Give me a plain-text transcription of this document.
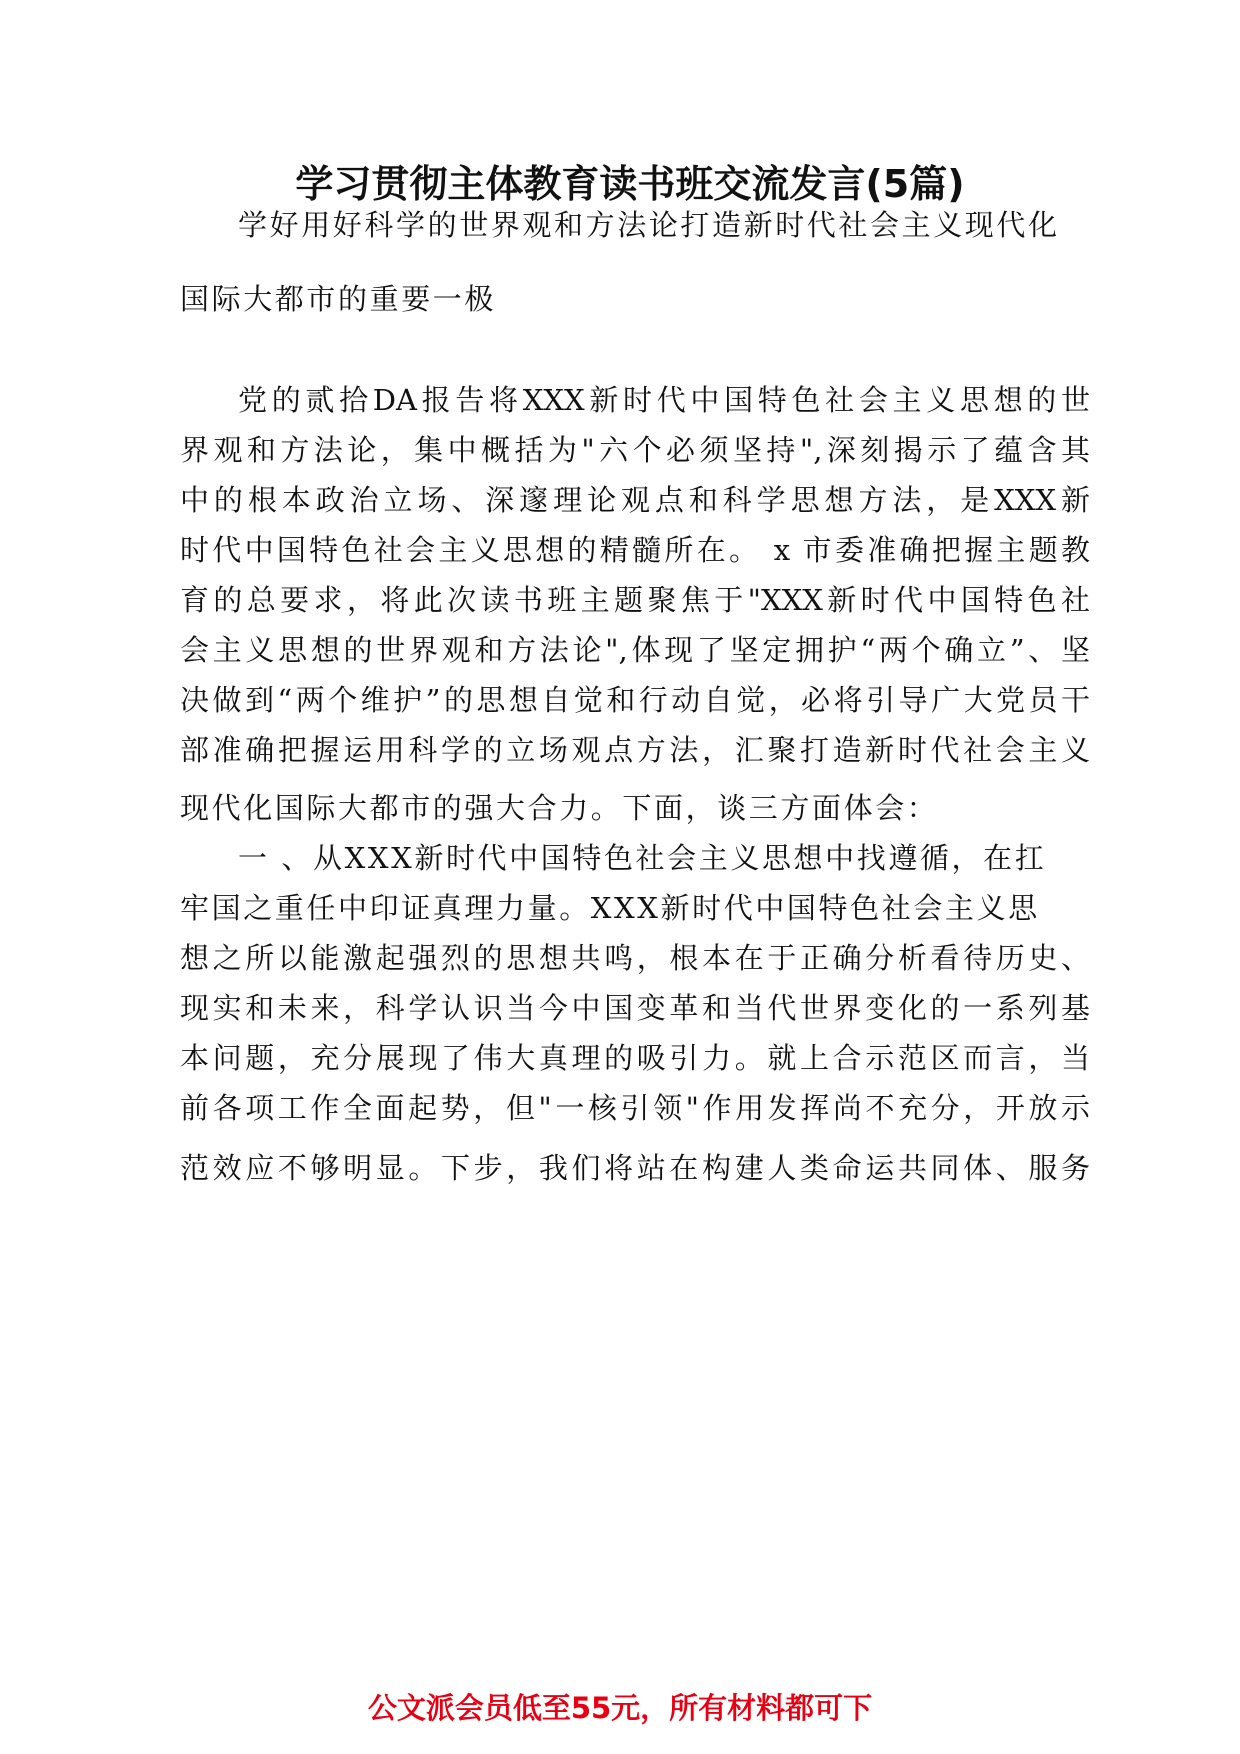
学习贯彻主体教育读书班交流发言(5篇)
学好用好科学的世界观和方法论打造新时代社会主义现代化
国际大都市的重要一极
党的贰拾DA报告将XXX新时代中国特色社会主义思想的世
界观和方法论，集中概括为"六个必须坚持",深刻揭示了蕴含其
中的根本政治立场、深邃理论观点和科学思想方法，是XXX新
时代中国特色社会主义思想的精髓所在。 x 市委准确把握主题教
育的总要求，将此次读书班主题聚焦于"XXX新时代中国特色社
会主义思想的世界观和方法论",体现了坚定拥护“两个确立”、坚
决做到“两个维护”的思想自觉和行动自觉，必将引导广大党员干
部准确把握运用科学的立场观点方法，汇聚打造新时代社会主义
现代化国际大都市的强大合力。下面，谈三方面体会：
一 、从XXX新时代中国特色社会主义思想中找遵循，在扛
牢国之重任中印证真理力量。XXX新时代中国特色社会主义思
想之所以能激起强烈的思想共鸣，根本在于正确分析看待历史、
现实和未来，科学认识当今中国变革和当代世界变化的一系列基
本问题，充分展现了伟大真理的吸引力。就上合示范区而言，当
前各项工作全面起势，但"一核引领"作用发挥尚不充分，开放示
范效应不够明显。下步，我们将站在构建人类命运共同体、服务
公文派会员低至55元，所有材料都可下
